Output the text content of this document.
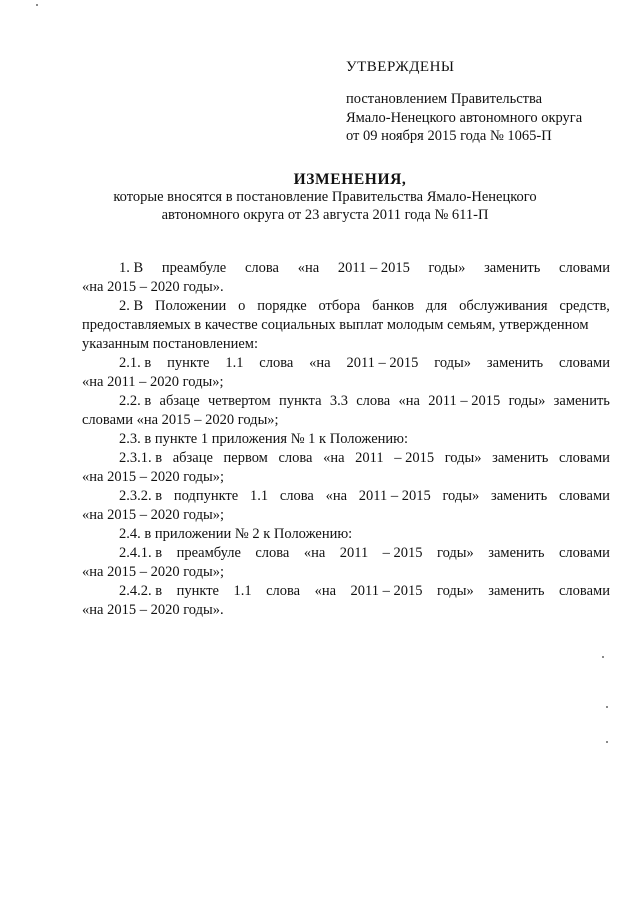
УТВЕРЖДЕНЫ
постановлением Правительства
Ямало-Ненецкого автономного округа
от 09 ноября 2015 года № 1065-П
ИЗМЕНЕНИЯ,
которые вносятся в постановление Правительства Ямало-Ненецкого
автономного округа от 23 августа 2011 года № 611-П
1. В преамбуле слова «на 2011 – 2015 годы» заменить словами
«на 2015 – 2020 годы».
2. В Положении о порядке отбора банков для обслуживания средств,
предоставляемых в качестве социальных выплат молодым семьям, утвержденном
указанным постановлением:
2.1. в пункте 1.1 слова «на 2011 – 2015 годы» заменить словами
«на 2011 – 2020 годы»;
2.2. в абзаце четвертом пункта 3.3 слова «на 2011 – 2015 годы» заменить
словами «на 2015 – 2020 годы»;
2.3. в пункте 1 приложения № 1 к Положению:
2.3.1. в абзаце первом слова «на 2011 – 2015 годы» заменить словами
«на 2015 – 2020 годы»;
2.3.2. в подпункте 1.1 слова «на 2011 – 2015 годы» заменить словами
«на 2015 – 2020 годы»;
2.4. в приложении № 2 к Положению:
2.4.1. в преамбуле слова «на 2011 – 2015 годы» заменить словами
«на 2015 – 2020 годы»;
2.4.2. в пункте 1.1 слова «на 2011 – 2015 годы» заменить словами
«на 2015 – 2020 годы».
